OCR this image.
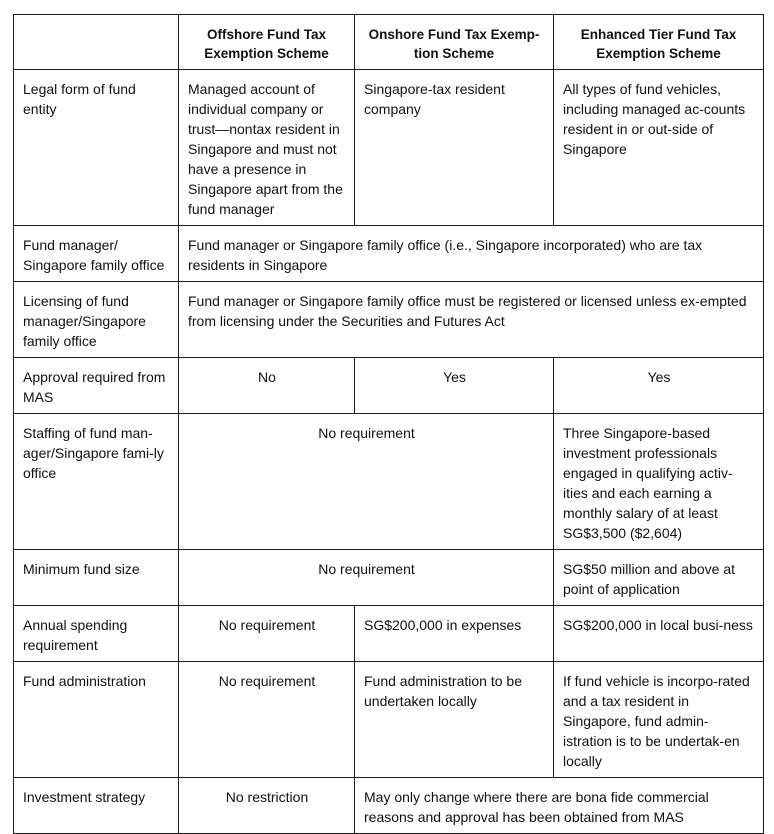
	Offshore Fund Tax Exemption Scheme	Onshore Fund Tax Exemp-tion Scheme	Enhanced Tier Fund Tax Exemption Scheme
Legal form of fund entity	Managed account of individual company or trust—nontax resident in Singapore and must not have a presence in Singapore apart from the fund manager	Singapore-tax resident company	All types of fund vehicles, including managed ac-counts resident in or out-side of Singapore
Fund manager/ Singapore family office	Fund manager or Singapore family office (i.e., Singapore incorporated) who are tax residents in Singapore		
Licensing of fund manager/Singapore family office	Fund manager or Singapore family office must be registered or licensed unless ex-empted from licensing under the Securities and Futures Act		
Approval required from MAS	No	Yes	Yes
Staffing of fund man-ager/Singapore fami-ly office	No requirement		Three Singapore-based investment professionals engaged in qualifying activ-ities and each earning a monthly salary of at least SG$3,500 ($2,604)
Minimum fund size	No requirement		SG$50 million and above at point of application
Annual spending requirement	No requirement	SG$200,000 in expenses	SG$200,000 in local busi-ness
Fund administration	No requirement	Fund administration to be undertaken locally	If fund vehicle is incorpo-rated and a tax resident in Singapore, fund admin-istration is to be undertak-en locally
Investment strategy	No restriction	May only change where there are bona fide commercial reasons and approval has been obtained from MAS	
